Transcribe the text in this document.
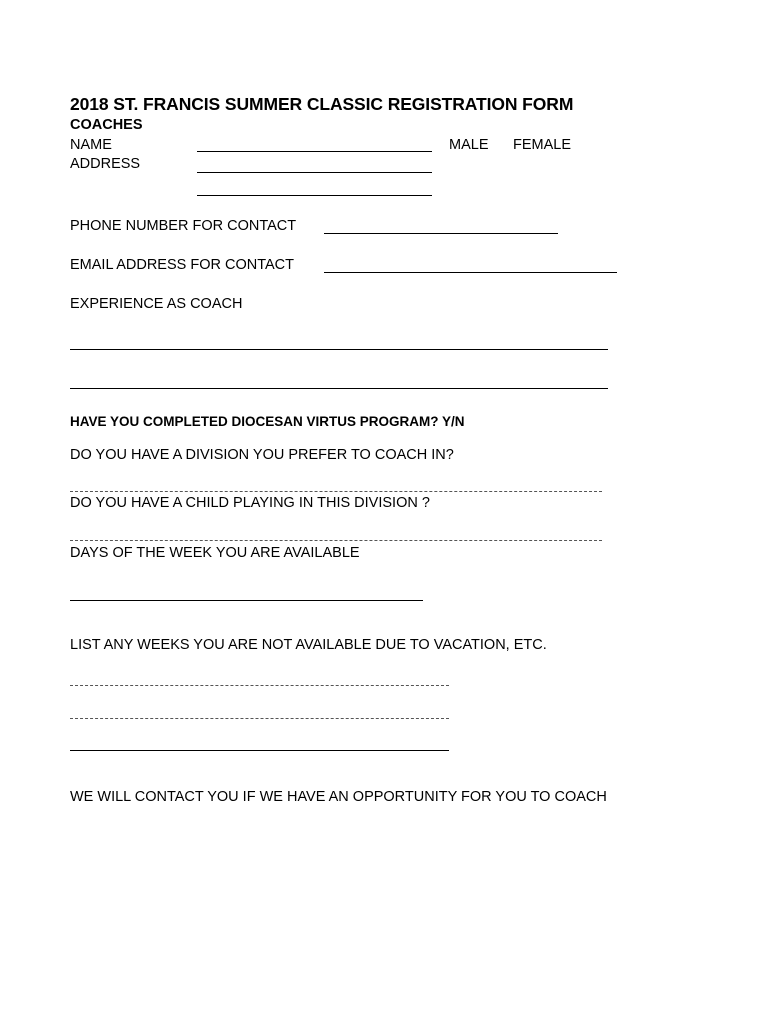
2018 ST. FRANCIS SUMMER CLASSIC REGISTRATION FORM
COACHES
NAME	MALE FEMALE
ADDRESS
PHONE NUMBER FOR CONTACT
EMAIL ADDRESS FOR CONTACT
EXPERIENCE AS COACH
HAVE YOU COMPLETED DIOCESAN VIRTUS PROGRAM? Y/N
DO YOU HAVE A DIVISION YOU PREFER TO COACH IN?
DO YOU HAVE A CHILD PLAYING IN THIS DIVISION ?
DAYS OF THE WEEK YOU ARE AVAILABLE
LIST ANY WEEKS YOU ARE NOT AVAILABLE DUE TO VACATION, ETC.
WE WILL CONTACT YOU IF WE HAVE AN OPPORTUNITY FOR YOU TO COACH
